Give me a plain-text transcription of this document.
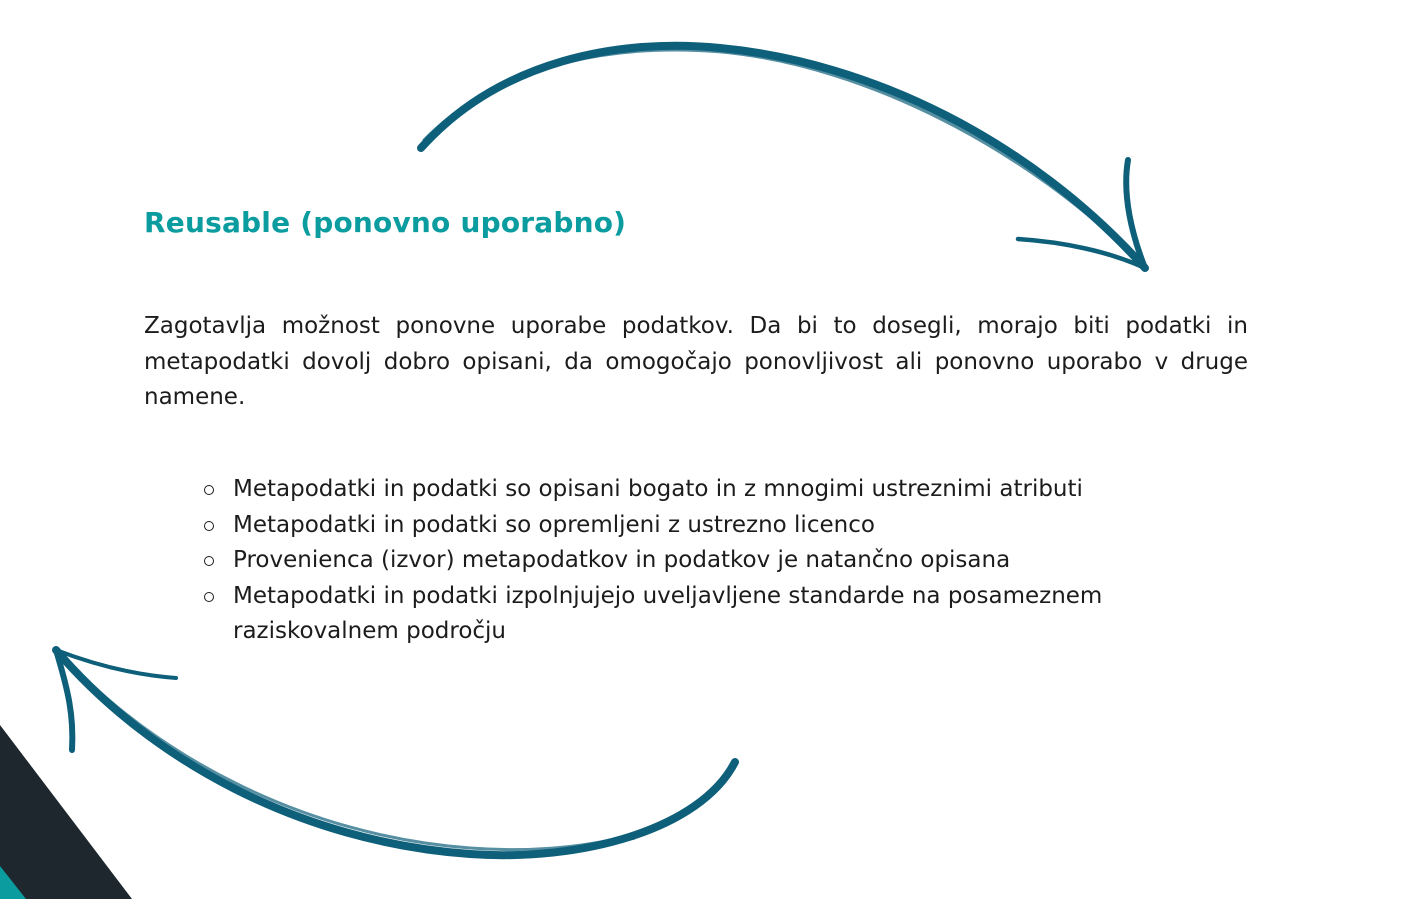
Reusable (ponovno uporabno)

Zagotavlja možnost ponovne uporabe podatkov. Da bi to dosegli, morajo biti podatki in metapodatki dovolj dobro opisani, da omogočajo ponovljivost ali ponovno uporabo v druge namene.

Metapodatki in podatki so opisani bogato in z mnogimi ustreznimi atributi
Metapodatki in podatki so opremljeni z ustrezno licenco
Provenienca (izvor) metapodatkov in podatkov je natančno opisana
Metapodatki in podatki izpolnjujejo uveljavljene standarde na posameznem raziskovalnem področju
